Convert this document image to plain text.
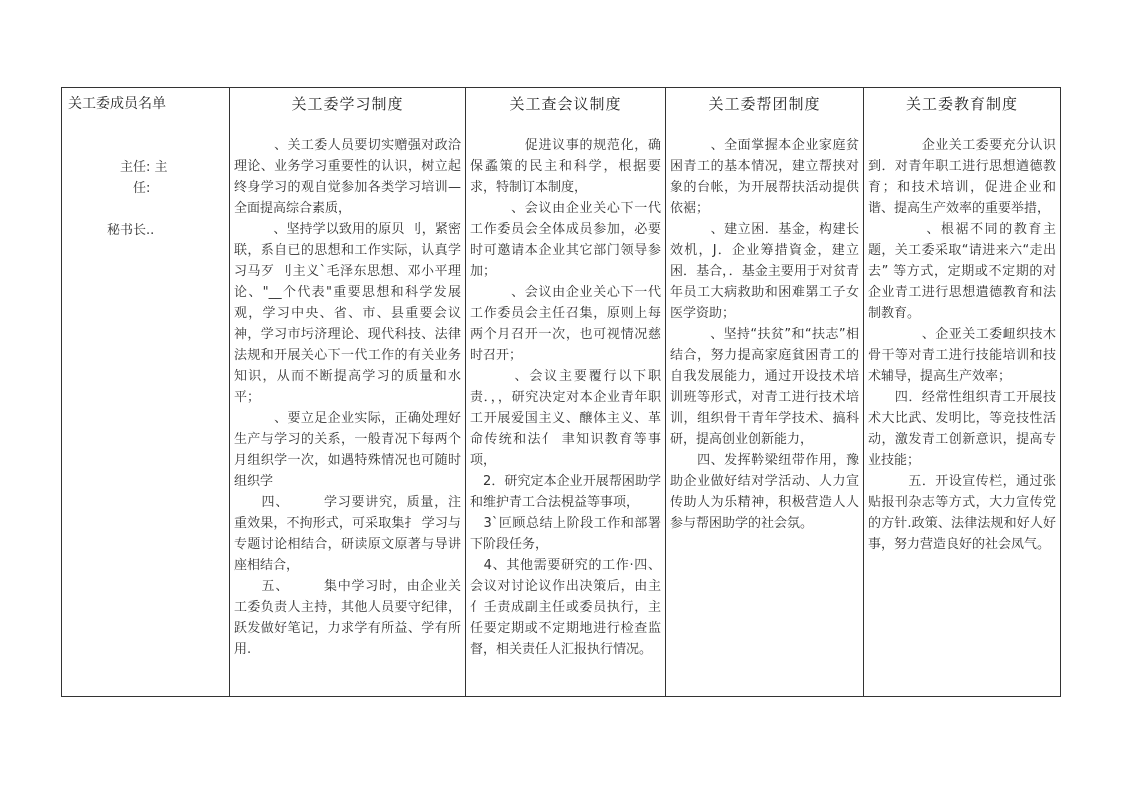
关工委成员名单
　　　　主任: 主
　　　　　任:
　　　秘书长..
关工委学习制度

　　　、关工委人员要切实赠强对政洽理论、业务学习重要性的认识，树立起终身学习的观自觉参加各类学习培训—全面提高综合素质，

　　　、坚持学以致用的原贝 刂，紧密联，系自已的思想和工作实际，认真学习马歹 刂主义`毛泽东思想、邓小平理论、"__个代表"重要思想和科学发展观，学习中央、省、市、县重要会议神，学习市圬济理论、现代科技、法律法规和开展关心下一代工作的有关业务知识，从而不断提高学习的质量和水平；

　　　、要立足企业实际，正确处理好生产与学习的关系，一般青况下每两个月组织学一次，如遇特殊情况也可随时组织学

　　四、　　　学习要讲究，质量，注重效果，不拘形式，可采取集扌 学习与专题讨论相结合，研读原文原著与导讲座相结合，

　　五、　　　集中学习时，由企业关工委负责人主持，其他人员要守纪律，跃发做好笔记，力求学有所益、学有所用.

关工查会议制度

　　　　促进议事的规范化，确保蟊策的民主和科学，根据要求，特制订本制度，

　　　、会议由企业关心下一代工作委员会全体成员参加，必要时可邀请本企业其它部门领导参加；

　　　、会议由企业关心下一代工作委员会主任召集，原则上每两个月召开一次，也可视情况慈时召开；

　　　、会议主要覆行以下职责．，，研究决定对本企业青年职工开展爱国主义、醸体主义、革命传统和法亻 聿知识教育等事项，

　2．研究定本企业开展帮困助学和维护青工合法梘益等事项，

　3`叵顾总结上阶段工作和部署下阶段任务，

　4、其他需要研究的工作·四、会议对讨论议作出决策后，由主亻壬责成副主任或委员执行，主任要定期或不定期地进行检查监督，相关责任人汇报执行情况。

关工委帮团制度

　　　、全面掌握本企业家庭贫困青工的基本情况，建立帮挟对象的台帐，为开展帮扶活动提供依裾；

　　　、建立困．基金，构建长效机，J．企业筹措資金，建立困．基合，．基金主要用于对贫青年员工大病救助和困难罤工子女医学资助；

　　　、坚持“扶贫”和“扶志”相结合，努力提高家庭貧困青工的自我发展能力，通过开设技术培训班等形式，对青工进行技术培训，组织骨干青年学技术、搞科研，提高创业创新能力，

　　四、发挥靲梁纽带作用，豫助企业做好结对学活动、人力宣传助人为乐精神，积极营造人人参与帮困助学的社会氛。

关工委教育制度

　　　　企业关工委要充分认识到．对青年职工进行思想遒德教育；和技术培训，促进企业和谐、提高生产效率的重要举措，

　　　　、根裾不同的教育主题，关工委采取“请进来六“走出去” 等方式，定期或不定期的对企业青工进行思想遣德教育和法制教育。

　　　　、企亚关工委衄织技木骨干等对青工进行技能培训和技术辅导，提高生产效率；

　　四．经常性组织青工开展技术大比武、发明比，等竞技性活动，激发青工创新意识，提高专业技能；

　　　五．开设宣传栏，通过张贴报刊杂志等方式，大力宣传党的方针.政策、法律法规和好人好事，努力营造良好的社会凤气。
